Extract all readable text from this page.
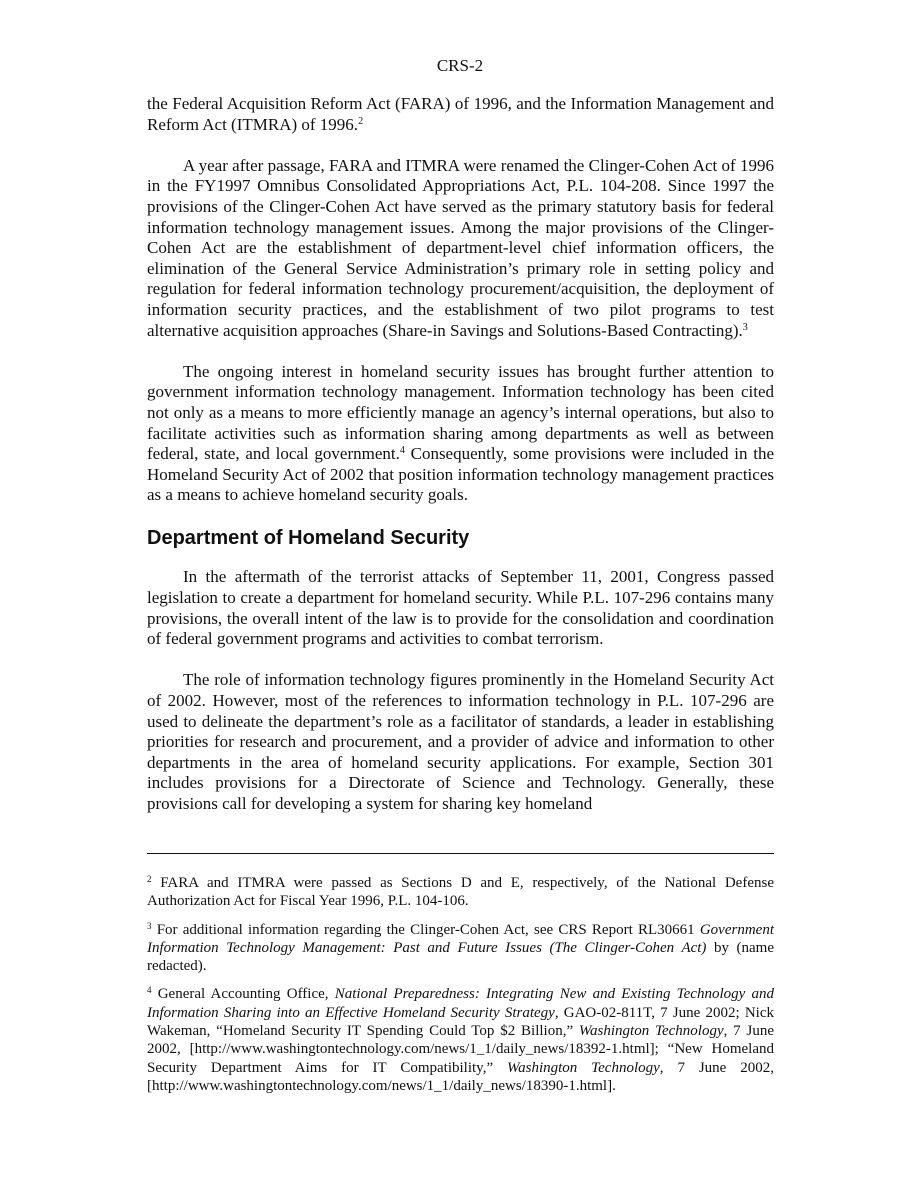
CRS-2

the Federal Acquisition Reform Act (FARA) of 1996, and the Information Management and Reform Act (ITMRA) of 1996.$^2$

A year after passage, FARA and ITMRA were renamed the Clinger-Cohen Act of 1996 in the FY1997 Omnibus Consolidated Appropriations Act, P.L. 104-208. Since 1997 the provisions of the Clinger-Cohen Act have served as the primary statutory basis for federal information technology management issues. Among the major provisions of the Clinger-Cohen Act are the establishment of department-level chief information officers, the elimination of the General Service Administration’s primary role in setting policy and regulation for federal information technology procurement/acquisition, the deployment of information security practices, and the establishment of two pilot programs to test alternative acquisition approaches (Share-in Savings and Solutions-Based Contracting).$^3$

The ongoing interest in homeland security issues has brought further attention to government information technology management. Information technology has been cited not only as a means to more efficiently manage an agency’s internal operations, but also to facilitate activities such as information sharing among departments as well as between federal, state, and local government.$^4$ Consequently, some provisions were included in the Homeland Security Act of 2002 that position information technology management practices as a means to achieve homeland security goals.

Department of Homeland Security

In the aftermath of the terrorist attacks of September 11, 2001, Congress passed legislation to create a department for homeland security. While P.L. 107-296 contains many provisions, the overall intent of the law is to provide for the consolidation and coordination of federal government programs and activities to combat terrorism.

The role of information technology figures prominently in the Homeland Security Act of 2002. However, most of the references to information technology in P.L. 107-296 are used to delineate the department’s role as a facilitator of standards, a leader in establishing priorities for research and procurement, and a provider of advice and information to other departments in the area of homeland security applications. For example, Section 301 includes provisions for a Directorate of Science and Technology. Generally, these provisions call for developing a system for sharing key homeland

$^2$ FARA and ITMRA were passed as Sections D and E, respectively, of the National Defense Authorization Act for Fiscal Year 1996, P.L. 104-106.

$^3$ For additional information regarding the Clinger-Cohen Act, see CRS Report RL30661 Government Information Technology Management: Past and Future Issues (The Clinger-Cohen Act) by (name redacted).

$^4$ General Accounting Office, National Preparedness: Integrating New and Existing Technology and Information Sharing into an Effective Homeland Security Strategy, GAO-02-811T, 7 June 2002; Nick Wakeman, “Homeland Security IT Spending Could Top $2 Billion,” Washington Technology, 7 June 2002, [http://www.washingtontechnology.com/news/1_1/daily_news/18392-1.html]; “New Homeland Security Department Aims for IT Compatibility,” Washington Technology, 7 June 2002, [http://www.washingtontechnology.com/news/1_1/daily_news/18390-1.html].
